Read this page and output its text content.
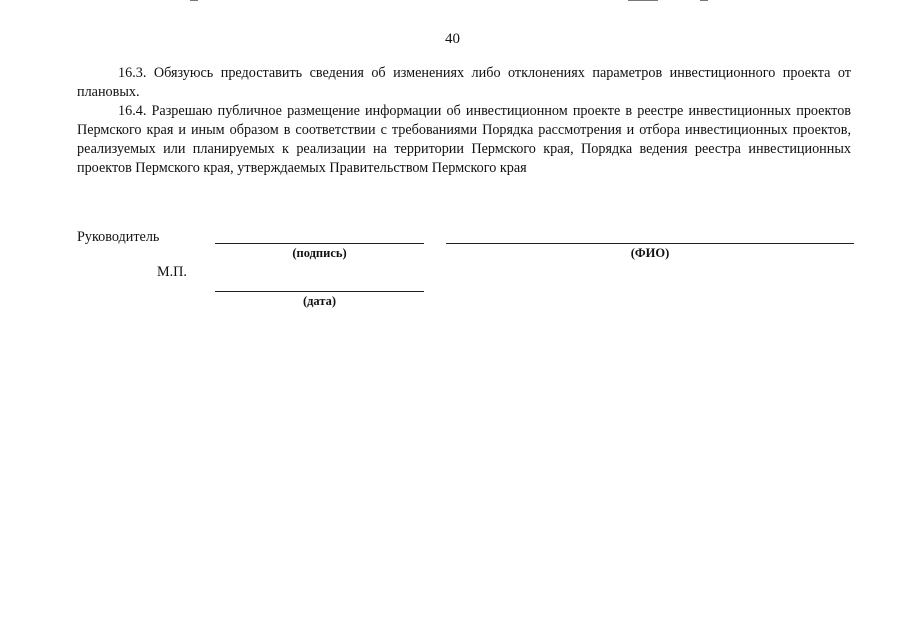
40

16.3. Обязуюсь предоставить сведения об изменениях либо отклонениях параметров инвестиционного проекта от плановых.

16.4. Разрешаю публичное размещение информации об инвестиционном проекте в реестре инвестиционных проектов Пермского края и иным образом в соответствии с требованиями Порядка рассмотрения и отбора инвестиционных проектов, реализуемых или планируемых к реализации на территории Пермского края, Порядка ведения реестра инвестиционных проектов Пермского края, утверждаемых Правительством Пермского края

Руководитель
(подпись)	(ФИО)
М.П.
(дата)
